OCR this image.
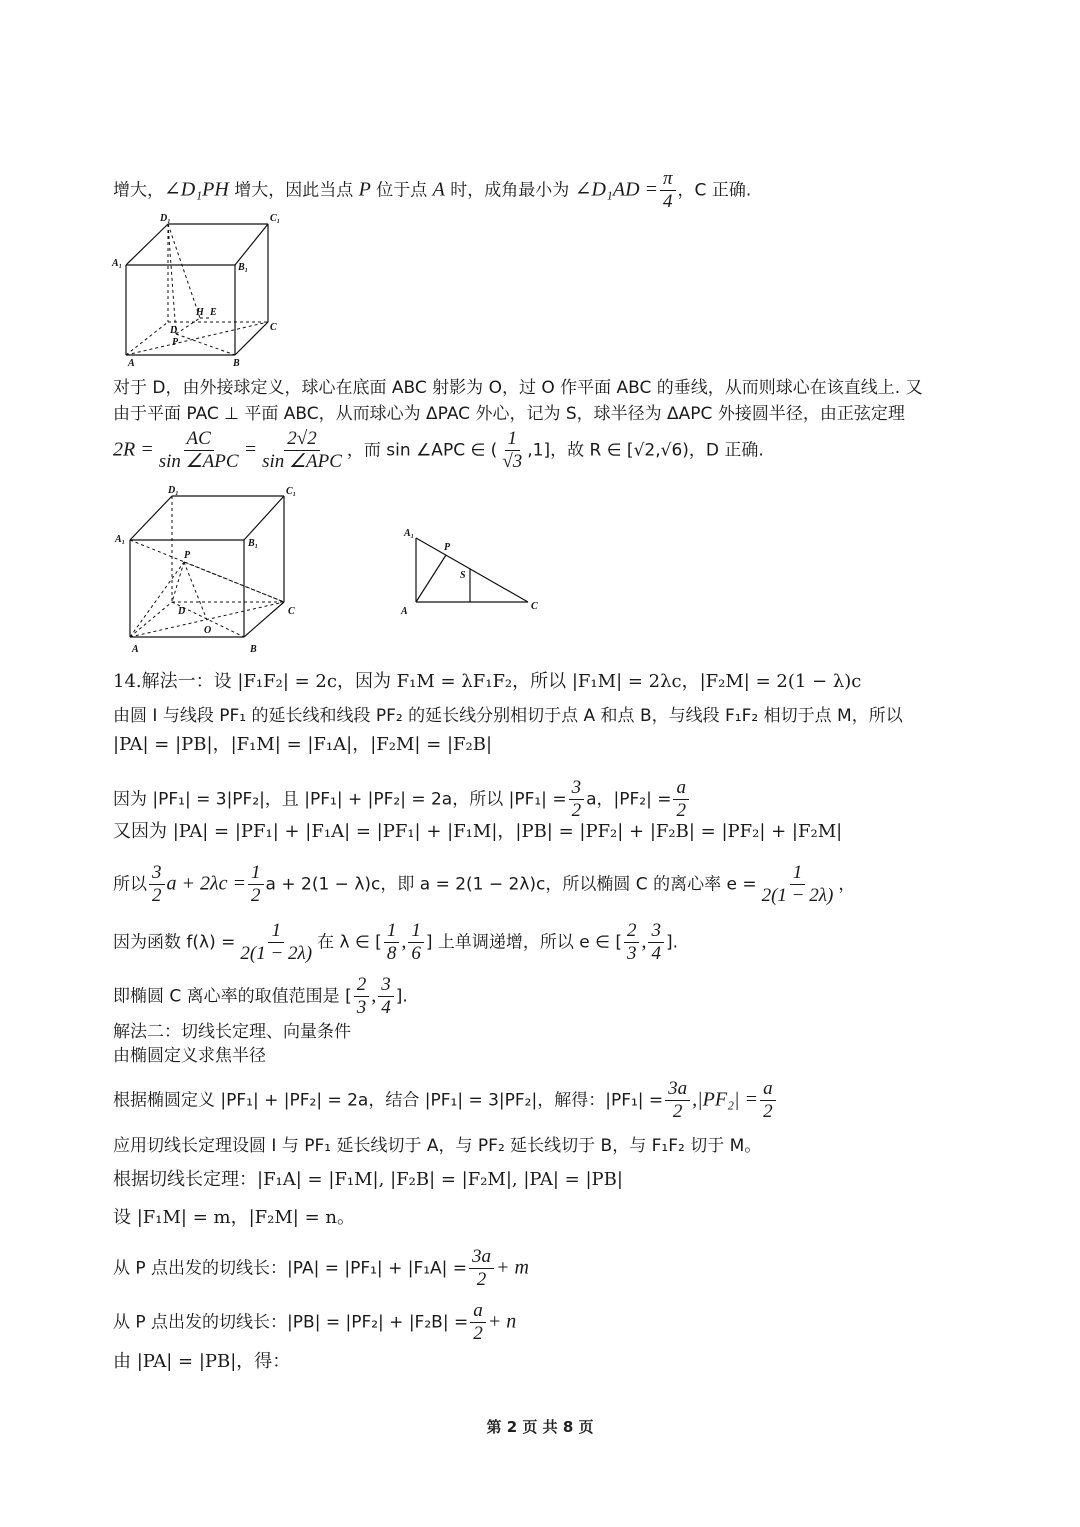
增大，∠D₁PH 增大，因此当点 P 位于点 A 时，成角最小为 ∠D₁AD = $\frac{\pi}{4}$ ，C 正确.
D₁	C₁
A₁	B₁
H E
D	C
P
A	B
对于 D，由外接球定义，球心在底面 ABC 射影为 O，过 O 作平面 ABC 的垂线，从而则球心在该直线上. 又
由于平面 PAC ⊥ 平面 ABC，从而球心为 ΔPAC 外心，记为 S，球半径为 ΔAPC 外接圆半径，由正弦定理
$2R = \frac{AC}{\text{sin ∠APC}} = \frac{2√2}{\text{sin ∠APC}}$ ，而 sin ∠APC ∈ ( $\frac{1}{√3} ,1$]，故 R ∈ [√2,√6)，D 正确.
D₁	C₁
A₁	B₁
P
D	C
O
A	B
A₁
P
S
A	C
14.解法一：设 |F₁F₂| = 2c，因为 F₁M = λF₁F₂，所以 |F₁M| = 2λc，|F₂M| = 2(1 − λ)c
由圆 I 与线段 PF₁ 的延长线和线段 PF₂ 的延长线分别相切于点 A 和点 B，与线段 F₁F₂ 相切于点 M，所以
|PA| = |PB|，|F₁M| = |F₁A|，|F₂M| = |F₂B|
因为 |PF₁| = 3|PF₂|，且 |PF₁| + |PF₂| = 2a，所以 $|PF_1| = \frac{3}{2}$ a，$|PF_2| = \frac{a}{2}$
又因为 |PA| = |PF₁| + |F₁A| = |PF₁| + |F₁M|，|PB| = |PF₂| + |F₂B| = |PF₂| + |F₂M|
所以 $\frac{3}{2}$ $a + 2\lambda c = \frac{1}{2}$ a + 2(1 − λ)c，即 a = 2(1 − 2λ)c，所以椭圆 C 的离心率 $e = \frac{1}{2(1 - 2\lambda)}$ ，
因为函数 $f(\lambda) = \frac{1}{2(1 - 2\lambda)}$ 在 λ ∈ [ $\frac{1}{8}$ , $\frac{1}{6}$ ] 上单调递增，所以 e ∈ [ $\frac{2}{3}$ , $\frac{3}{4}$ ].
即椭圆 C 离心率的取值范围是 [ $\frac{2}{3}$ , $\frac{3}{4}$ ].
解法二：切线长定理、向量条件
由椭圆定义求焦半径
根据椭圆定义 |PF₁| + |PF₂| = 2a，结合 |PF₁| = 3|PF₂|，解得：$|PF_1| = \frac{3a}{2} ,|PF_2| = \frac{a}{2}$
应用切线长定理设圆 I 与 PF₁ 延长线切于 A，与 PF₂ 延长线切于 B，与 F₁F₂ 切于 M。
根据切线长定理：|F₁A| = |F₁M|, |F₂B| = |F₂M|, |PA| = |PB|
设 |F₁M| = m，|F₂M| = n。
从 P 点出发的切线长：$|PA| = |PF_1| + |F_1A| = \frac{3a}{2} + m$
从 P 点出发的切线长：$|PB| = |PF_2| + |F_2B| = \frac{a}{2} + n$
由 |PA| = |PB|，得：
第 2 页 共 8 页
